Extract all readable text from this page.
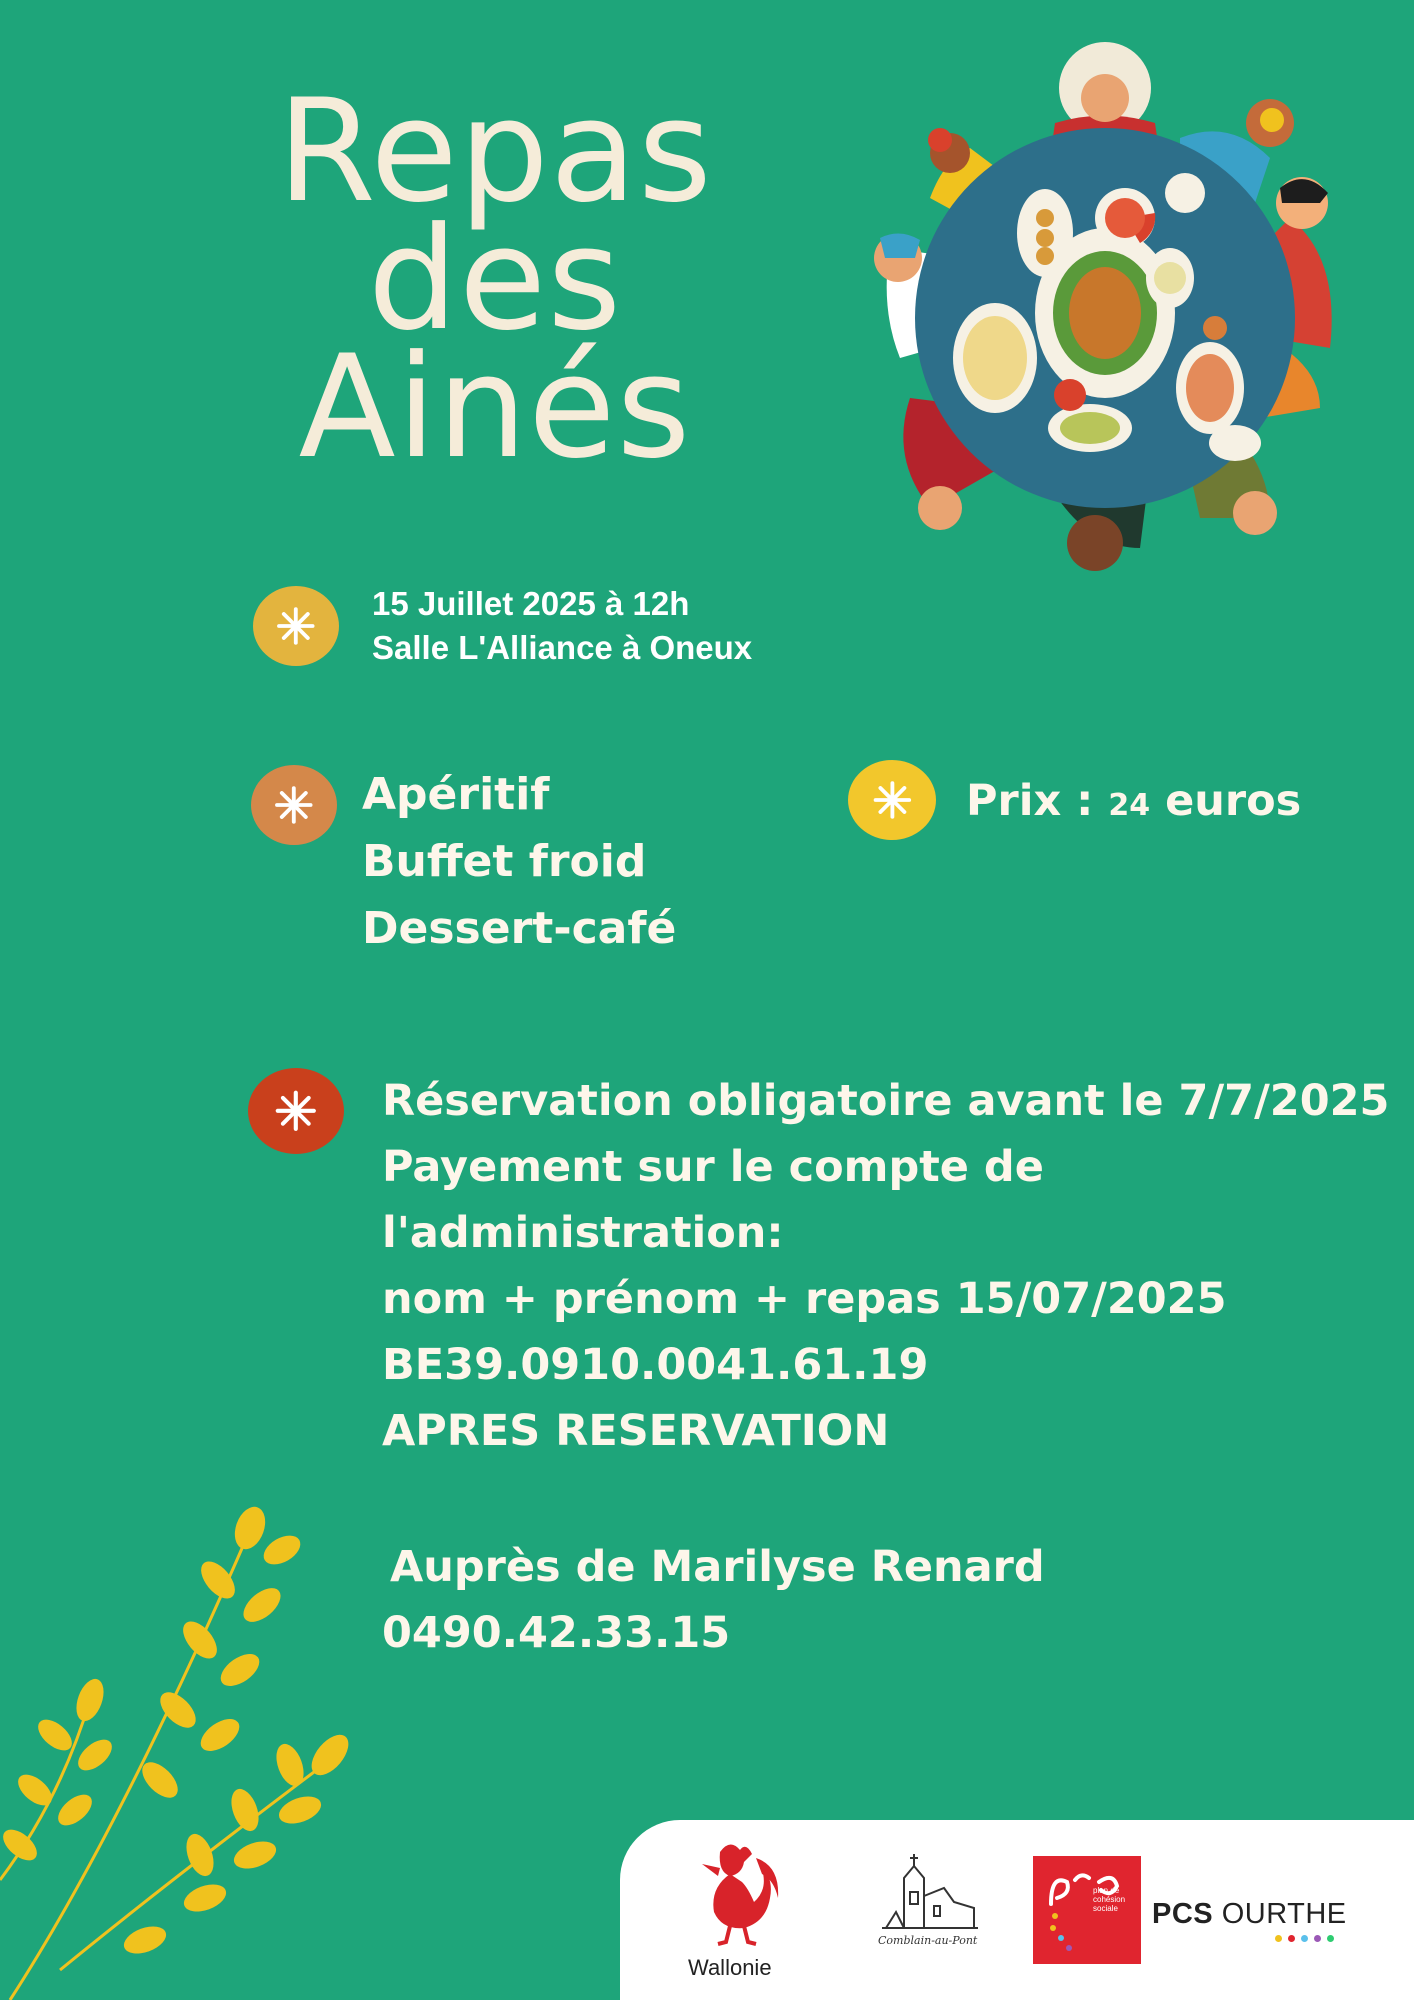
Repas
des
Ainés
15 Juillet 2025 à 12h
Salle L'Alliance à Oneux
Apéritif
Buffet froid
Dessert-café
Prix : 24 euros
Réservation obligatoire avant le 7/7/2025
Payement sur le compte de
l'administration:
nom + prénom + repas 15/07/2025
BE39.0910.0041.61.19
APRES RESERVATION
Auprès de Marilyse Renard
0490.42.33.15
Wallonie
Comblain-au-Pont
plan de cohésion sociale	PCS OURTHE
